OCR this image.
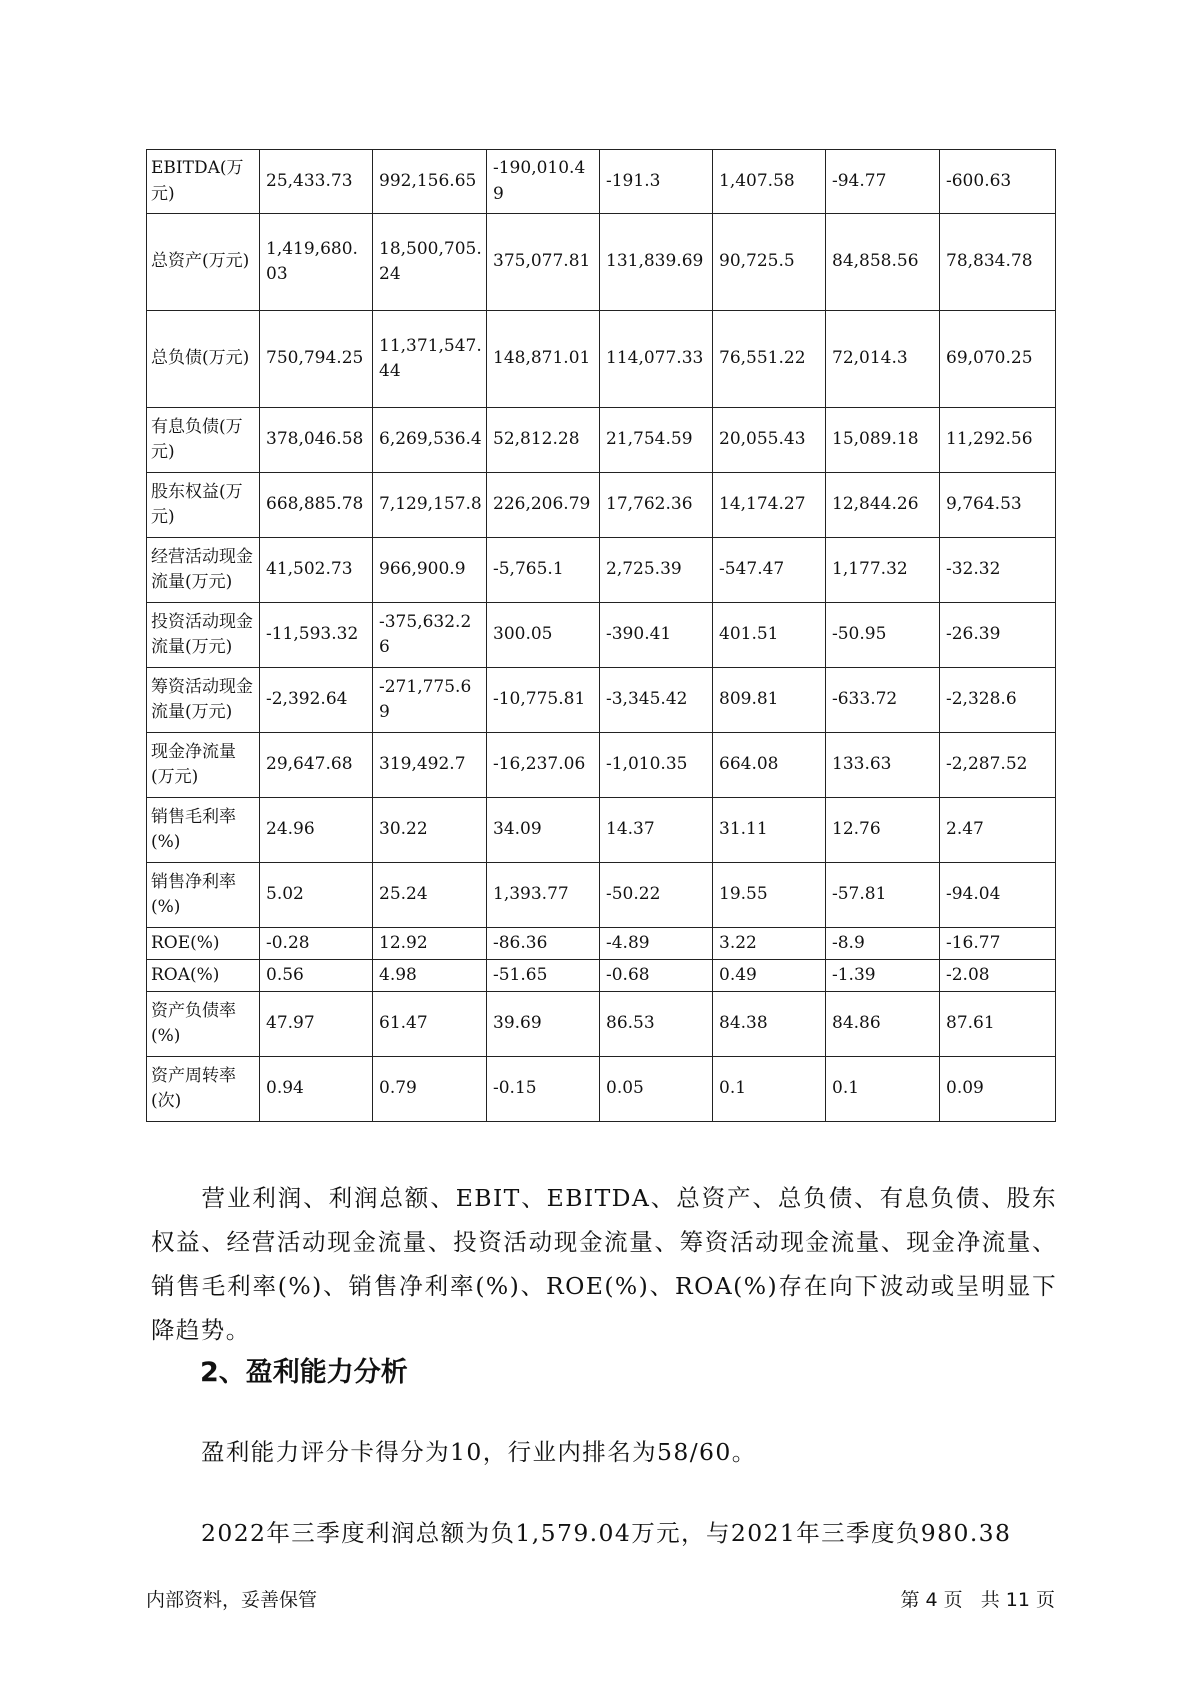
EBITDA(万元)	25,433.73	992,156.65	-190,010.49	-191.3	1,407.58	-94.77	-600.63
总资产(万元)	1,419,680.03	18,500,705.24	375,077.81	131,839.69	90,725.5	84,858.56	78,834.78
总负债(万元)	750,794.25	11,371,547.44	148,871.01	114,077.33	76,551.22	72,014.3	69,070.25
有息负债(万元)	378,046.58	6,269,536.4	52,812.28	21,754.59	20,055.43	15,089.18	11,292.56
股东权益(万元)	668,885.78	7,129,157.8	226,206.79	17,762.36	14,174.27	12,844.26	9,764.53
经营活动现金流量(万元)	41,502.73	966,900.9	-5,765.1	2,725.39	-547.47	1,177.32	-32.32
投资活动现金流量(万元)	-11,593.32	-375,632.26	300.05	-390.41	401.51	-50.95	-26.39
筹资活动现金流量(万元)	-2,392.64	-271,775.69	-10,775.81	-3,345.42	809.81	-633.72	-2,328.6
现金净流量(万元)	29,647.68	319,492.7	-16,237.06	-1,010.35	664.08	133.63	-2,287.52
销售毛利率(%)	24.96	30.22	34.09	14.37	31.11	12.76	2.47
销售净利率(%)	5.02	25.24	1,393.77	-50.22	19.55	-57.81	-94.04
ROE(%)	-0.28	12.92	-86.36	-4.89	3.22	-8.9	-16.77
ROA(%)	0.56	4.98	-51.65	-0.68	0.49	-1.39	-2.08
资产负债率(%)	47.97	61.47	39.69	86.53	84.38	84.86	87.61
资产周转率(次)	0.94	0.79	-0.15	0.05	0.1	0.1	0.09

营业利润、利润总额、EBIT、EBITDA、总资产、总负债、有息负债、股东权益、经营活动现金流量、投资活动现金流量、筹资活动现金流量、现金净流量、销售毛利率(%)、销售净利率(%)、ROE(%)、ROA(%)存在向下波动或呈明显下降趋势。

2、盈利能力分析

盈利能力评分卡得分为10，行业内排名为58/60。

2022年三季度利润总额为负1,579.04万元，与2021年三季度负980.38

内部资料，妥善保管	第 4 页   共 11 页
